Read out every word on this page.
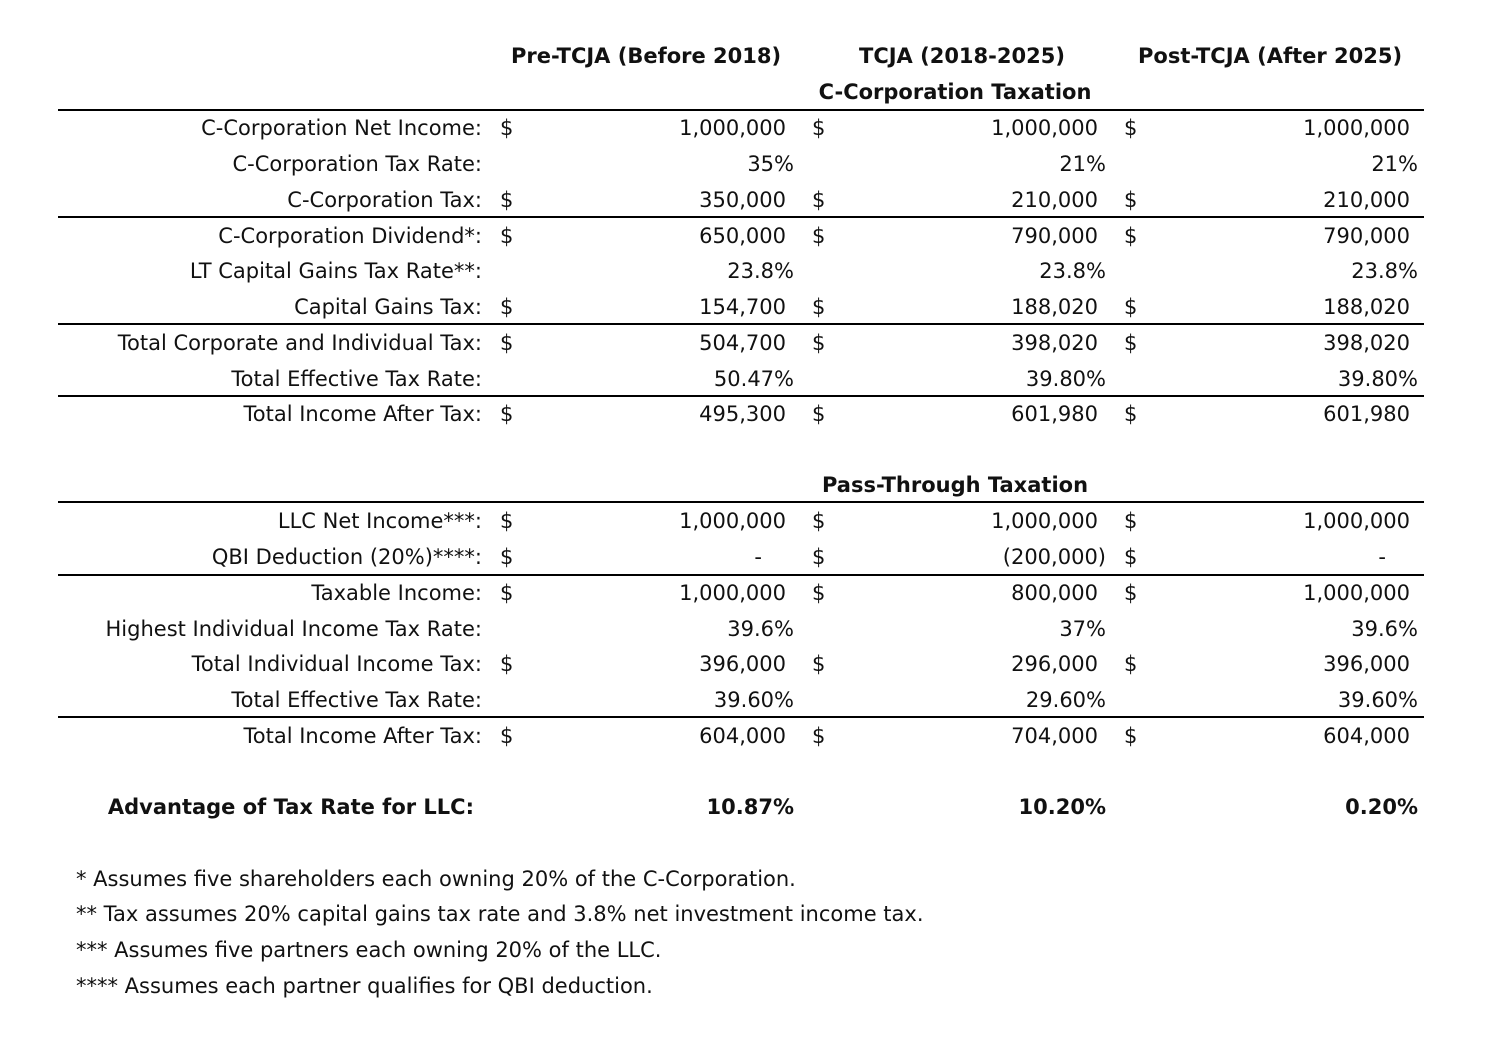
Pre-TCJA (Before 2018)	TCJA (2018-2025)	Post-TCJA (After 2025)
C-Corporation Taxation
C-Corporation Net Income: $	1,000,000 $	1,000,000 $	1,000,000
C-Corporation Tax Rate:	35%	21%	21%
C-Corporation Tax: $	350,000 $	210,000 $	210,000
C-Corporation Dividend*: $	650,000 $	790,000 $	790,000
LT Capital Gains Tax Rate**:	23.8%	23.8%	23.8%
Capital Gains Tax: $	154,700 $	188,020 $	188,020
Total Corporate and Individual Tax: $	504,700 $	398,020 $	398,020
Total Effective Tax Rate:	50.47%	39.80%	39.80%
Total Income After Tax: $	495,300 $	601,980 $	601,980
Pass-Through Taxation
LLC Net Income***: $	1,000,000 $	1,000,000 $	1,000,000
QBI Deduction (20%)****: $	- $	(200,000) $	-
Taxable Income: $	1,000,000 $	800,000 $	1,000,000
Highest Individual Income Tax Rate:	39.6%	37%	39.6%
Total Individual Income Tax: $	396,000 $	296,000 $	396,000
Total Effective Tax Rate:	39.60%	29.60%	39.60%
Total Income After Tax: $	604,000 $	704,000 $	604,000
Advantage of Tax Rate for LLC:	10.87%	10.20%	0.20%
* Assumes five shareholders each owning 20% of the C-Corporation.
** Tax assumes 20% capital gains tax rate and 3.8% net investment income tax.
*** Assumes five partners each owning 20% of the LLC.
**** Assumes each partner qualifies for QBI deduction.
